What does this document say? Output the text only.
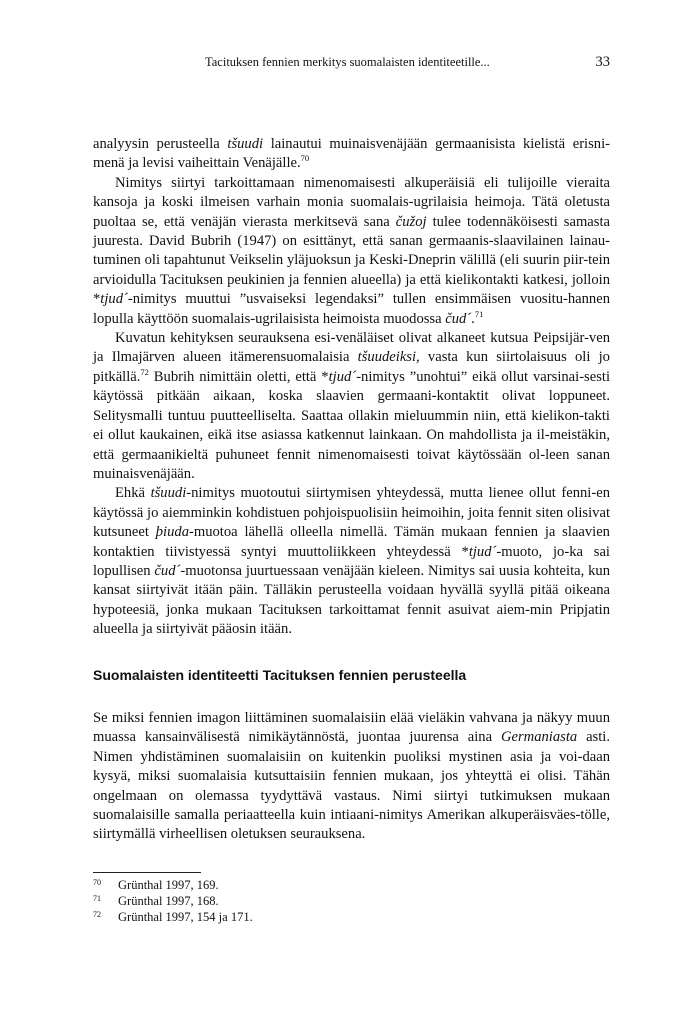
Tacituksen fennien merkitys suomalaisten identiteetille...	33

analyysin perusteella tšuudi lainautui muinaisvenäjään germaanisista kielistä erisni-menä ja levisi vaiheittain Venäjälle.$^{70}$

Nimitys siirtyi tarkoittamaan nimenomaisesti alkuperäisiä eli tulijoille vieraita kansoja ja koski ilmeisen varhain monia suomalais-ugrilaisia heimoja. Tätä oletusta puoltaa se, että venäjän vierasta merkitsevä sana čužoj tulee todennäköisesti samasta juuresta. David Bubrih (1947) on esittänyt, että sanan germaanis-slaavilainen lainau-tuminen oli tapahtunut Veikselin yläjuoksun ja Keski-Dneprin välillä (eli suurin piir-tein arvioidulla Tacituksen peukinien ja fennien alueella) ja että kielikontakti katkesi, jolloin *tjud´-nimitys muuttui ”usvaiseksi legendaksi” tullen ensimmäisen vuositu-hannen lopulla käyttöön suomalais-ugrilaisista heimoista muodossa čud´.$^{71}$

Kuvatun kehityksen seurauksena esi-venäläiset olivat alkaneet kutsua Peipsijär-ven ja Ilmajärven alueen itämerensuomalaisia tšuudeiksi, vasta kun siirtolaisuus oli jo pitkällä.$^{72}$ Bubrih nimittäin oletti, että *tjud´-nimitys ”unohtui” eikä ollut varsinai-sesti käytössä pitkään aikaan, koska slaavien germaani-kontaktit olivat loppuneet. Selitysmalli tuntuu puutteelliselta. Saattaa ollakin mieluummin niin, että kielikon-takti ei ollut kaukainen, eikä itse asiassa katkennut lainkaan. On mahdollista ja il-meistäkin, että germaanikieltä puhuneet fennit nimenomaisesti toivat käytössään ol-leen sanan muinaisvenäjään.

Ehkä tšuudi-nimitys muotoutui siirtymisen yhteydessä, mutta lienee ollut fenni-en käytössä jo aiemminkin kohdistuen pohjoispuolisiin heimoihin, joita fennit siten olisivat kutsuneet þiuda-muotoa lähellä olleella nimellä. Tämän mukaan fennien ja slaavien kontaktien tiivistyessä syntyi muuttoliikkeen yhteydessä *tjud´-muoto, jo-ka sai lopullisen čud´-muotonsa juurtuessaan venäjään kieleen. Nimitys sai uusia kohteita, kun kansat siirtyivät itään päin. Tälläkin perusteella voidaan hyvällä syyllä pitää oikeana hypoteesiä, jonka mukaan Tacituksen tarkoittamat fennit asuivat aiem-min Pripjatin alueella ja siirtyivät pääosin itään.

Suomalaisten identiteetti Tacituksen fennien perusteella

Se miksi fennien imagon liittäminen suomalaisiin elää vieläkin vahvana ja näkyy muun muassa kansainvälisestä nimikäytännöstä, juontaa juurensa aina Germaniasta asti. Nimen yhdistäminen suomalaisiin on kuitenkin puoliksi mystinen asia ja voi-daan kysyä, miksi suomalaisia kutsuttaisiin fennien mukaan, jos yhteyttä ei olisi. Tähän ongelmaan on olemassa tyydyttävä vastaus. Nimi siirtyi tutkimuksen mukaan suomalaisille samalla periaatteella kuin intiaani-nimitys Amerikan alkuperäisväes-tölle, siirtymällä virheellisen oletuksen seurauksena.

70 Grünthal 1997, 169.
71 Grünthal 1997, 168.
72 Grünthal 1997, 154 ja 171.
